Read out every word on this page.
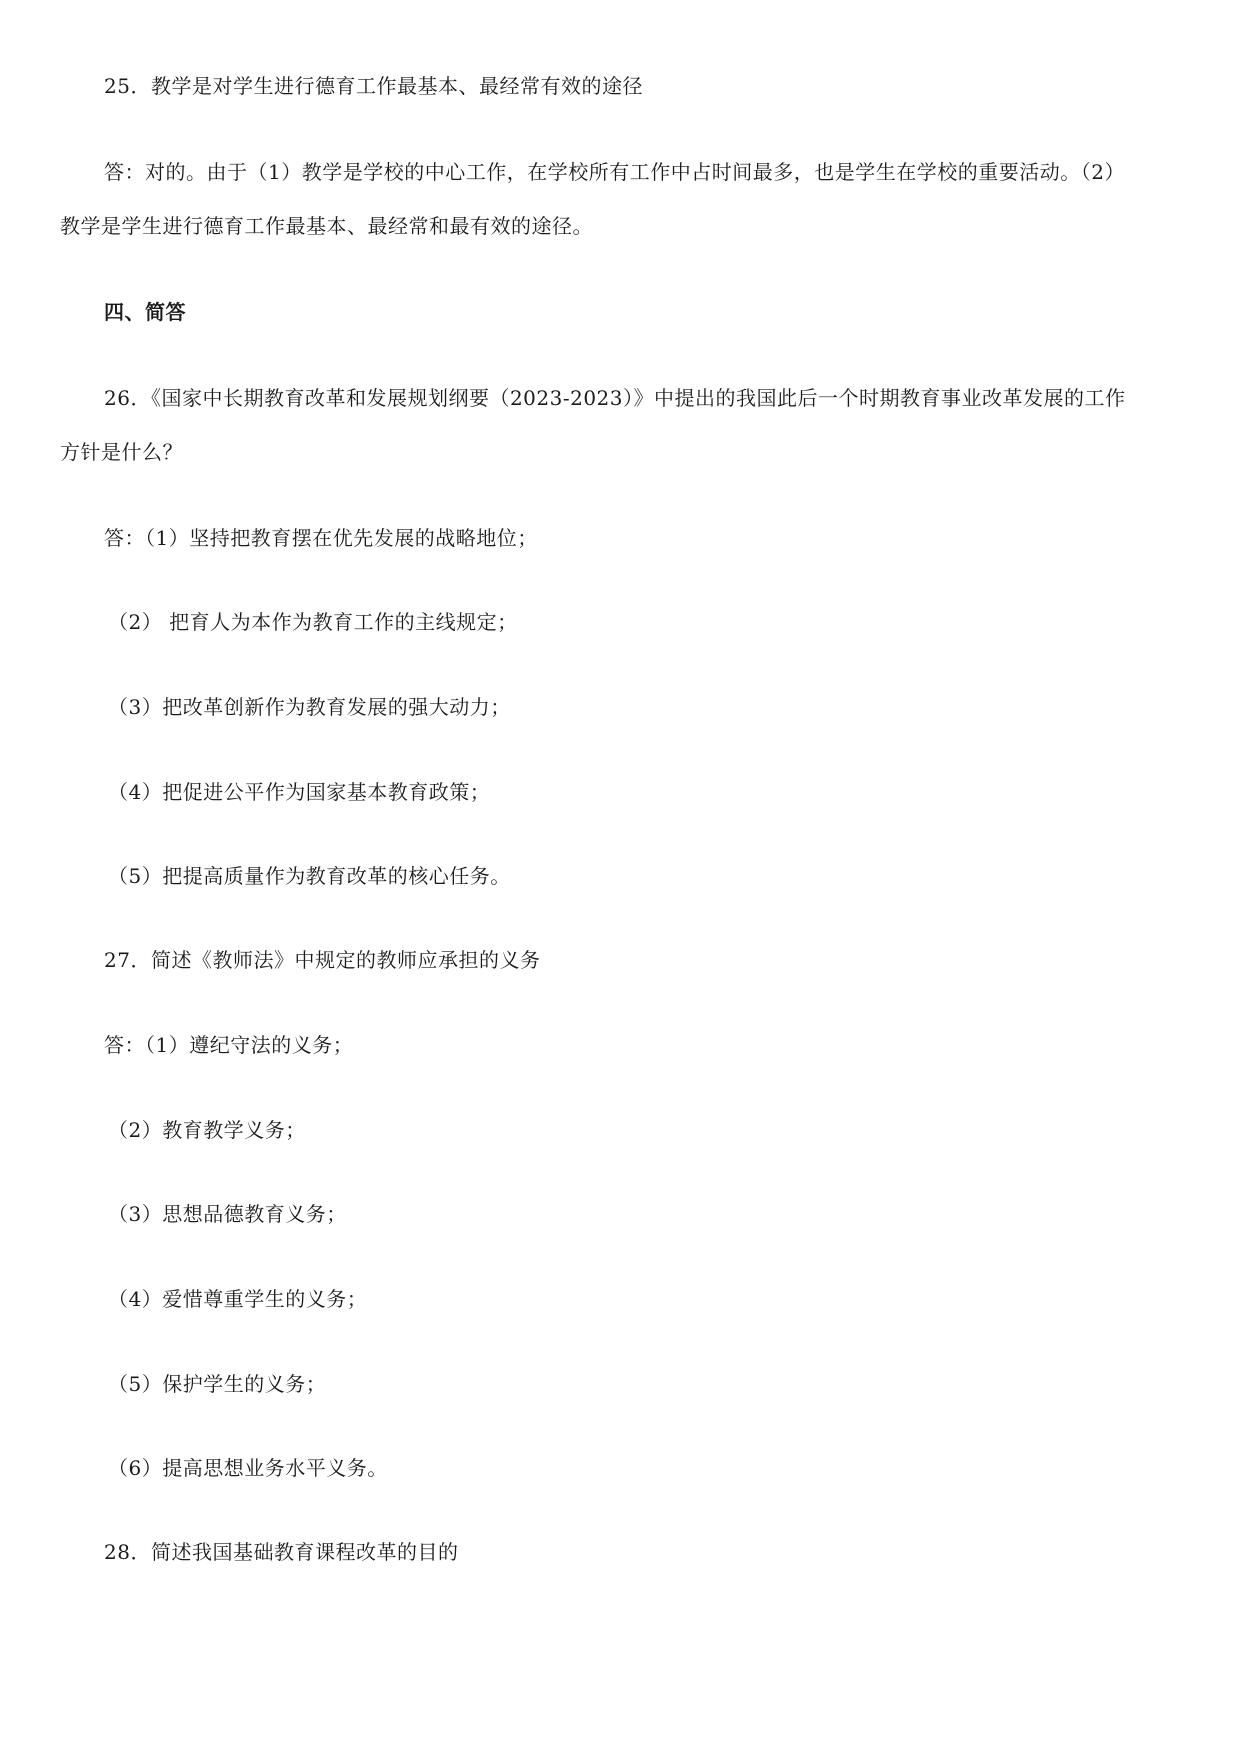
25．教学是对学生进行德育工作最基本、最经常有效的途径
答：对的。由于（1）教学是学校的中心工作，在学校所有工作中占时间最多，也是学生在学校的重要活动。（2）
教学是学生进行德育工作最基本、最经常和最有效的途径。
四、简答
26．《国家中长期教育改革和发展规划纲要（2023-2023）》中提出的我国此后一个时期教育事业改革发展的工作
方针是什么？
答：（1）坚持把教育摆在优先发展的战略地位；
（2） 把育人为本作为教育工作的主线规定；
（3）把改革创新作为教育发展的强大动力；
（4）把促进公平作为国家基本教育政策；
（5）把提高质量作为教育改革的核心任务。
27．简述《教师法》中规定的教师应承担的义务
答：（1）遵纪守法的义务；
（2）教育教学义务；
（3）思想品德教育义务；
（4）爱惜尊重学生的义务；
（5）保护学生的义务；
（6）提高思想业务水平义务。
28．简述我国基础教育课程改革的目的
